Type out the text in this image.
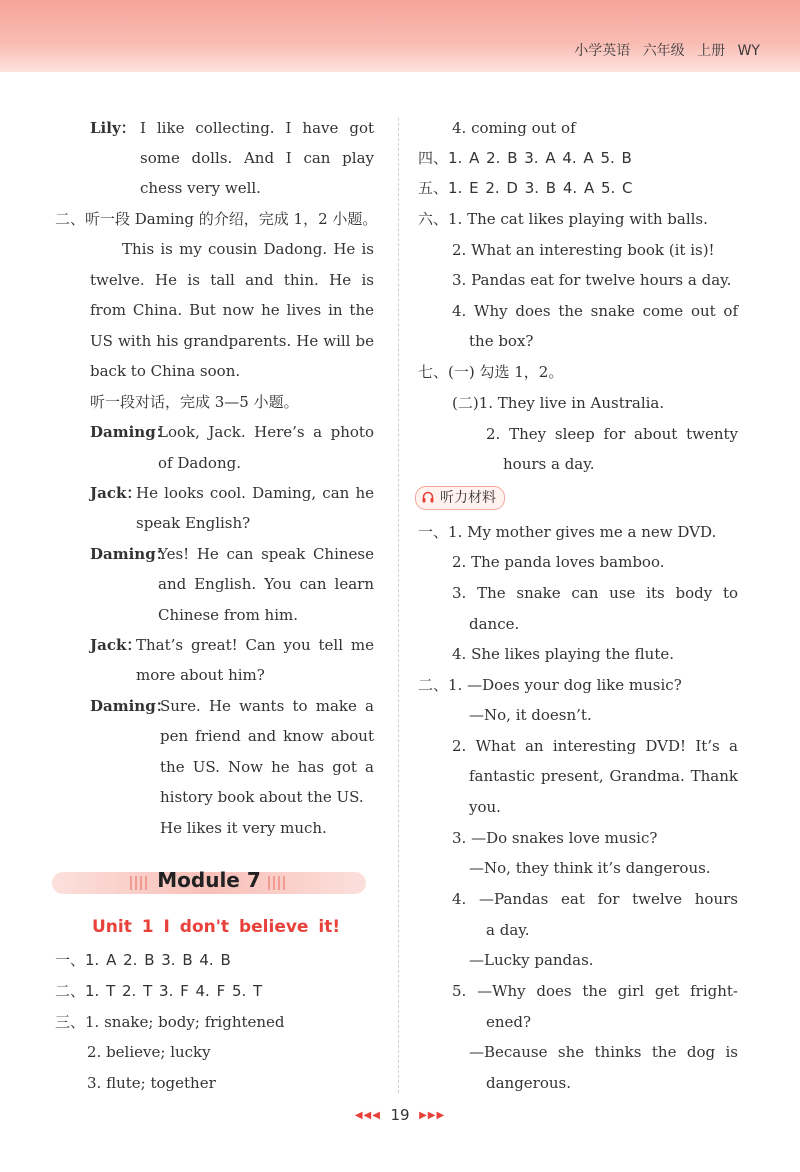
小学英语 六年级 上册 WY
Lily： I like collecting. I have got
some dolls. And I can play
chess very well.
二、听一段 Daming 的介绍，完成 1，2 小题。
This is my cousin Dadong. He is
twelve. He is tall and thin. He is
from China. But now he lives in the
US with his grandparents. He will be
back to China soon.
听一段对话，完成 3—5 小题。
Daming：
Look, Jack. Here’s a photo
of Dadong.
Jack：
He looks cool. Daming, can he
speak English?
Daming：
Yes! He can speak Chinese
and English. You can learn
Chinese from him.
Jack：
That’s great! Can you tell me
more about him?
Daming：
Sure. He wants to make a
pen friend and know about
the US. Now he has got a
history book about the US.
He likes it very much.
Module 7
Unit 1 I don't believe it!
一、1. A 2. B 3. B 4. B
二、1. T 2. T 3. F 4. F 5. T
三、1. snake; body; frightened
2. believe; lucky
3. flute; together
4. coming out of
四、1. A 2. B 3. A 4. A 5. B
五、1. E 2. D 3. B 4. A 5. C
六、1. The cat likes playing with balls.
2. What an interesting book (it is)!
3. Pandas eat for twelve hours a day.
4. Why does the snake come out of
the box?
七、(一) 勾选 1，2。
(二)1. They live in Australia.
2. They sleep for about twenty
hours a day.
听力材料
一、1. My mother gives me a new DVD.
2. The panda loves bamboo.
3. The snake can use its body to
dance.
4. She likes playing the flute.
二、1. —Does your dog like music?
—No, it doesn’t.
2. What an interesting DVD! It’s a
fantastic present, Grandma. Thank
you.
3. —Do snakes love music?
—No, they think it’s dangerous.
4. —Pandas eat for twelve hours
a day.
—Lucky pandas.
5. —Why does the girl get fright-
ened?
—Because she thinks the dog is
dangerous.
◀◀◀ 19 ▶▶▶
